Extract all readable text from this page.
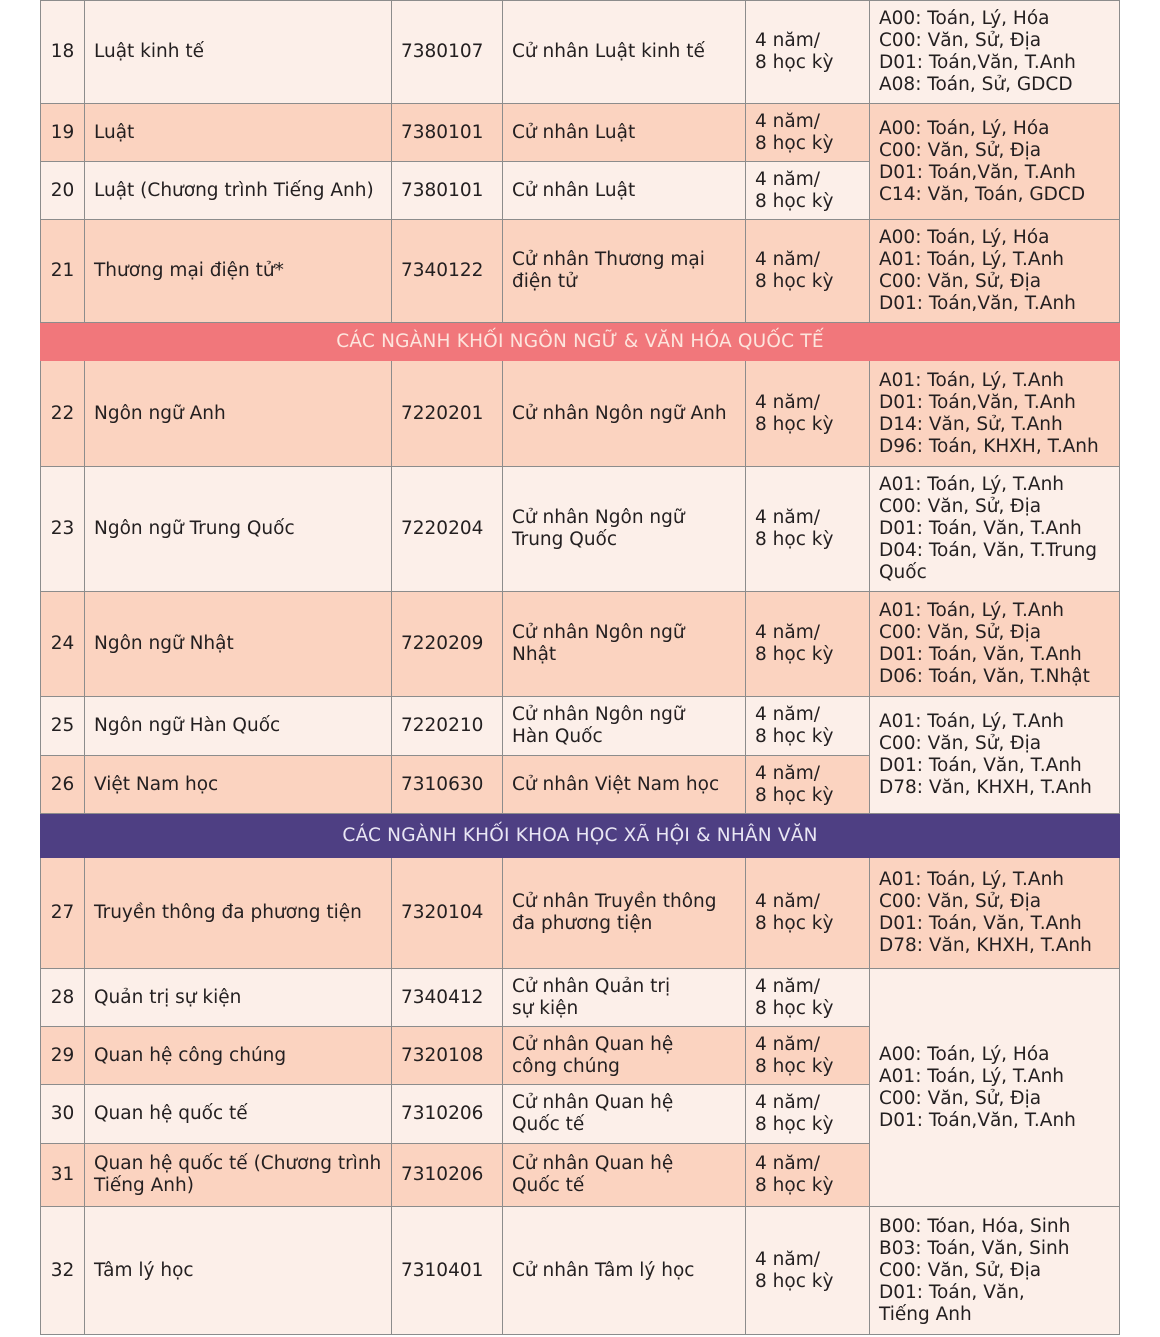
18	Luật kinh tế	7380107	Cử nhân Luật kinh tế	4 năm/
8 học kỳ	A00: Toán, Lý, Hóa
C00: Văn, Sử, Địa
D01: Toán,Văn, T.Anh
A08: Toán, Sử, GDCD

19	Luật	7380101	Cử nhân Luật	4 năm/
8 học kỳ	A00: Toán, Lý, Hóa
C00: Văn, Sử, Địa
D01: Toán,Văn, T.Anh
C14: Văn, Toán, GDCD

20	Luật (Chương trình Tiếng Anh)	7380101	Cử nhân Luật	4 năm/
8 học kỳ	

21	Thương mại điện tử*	7340122	Cử nhân Thương mại
điện tử	4 năm/
8 học kỳ	A00: Toán, Lý, Hóa
A01: Toán, Lý, T.Anh
C00: Văn, Sử, Địa
D01: Toán,Văn, T.Anh

CÁC NGÀNH KHỐI NGÔN NGỮ & VĂN HÓA QUỐC TẾ					
22	Ngôn ngữ Anh	7220201	Cử nhân Ngôn ngữ Anh	4 năm/
8 học kỳ	A01: Toán, Lý, T.Anh
D01: Toán,Văn, T.Anh
D14: Văn, Sử, T.Anh
D96: Toán, KHXH, T.Anh

23	Ngôn ngữ Trung Quốc	7220204	Cử nhân Ngôn ngữ
Trung Quốc	4 năm/
8 học kỳ	A01: Toán, Lý, T.Anh
C00: Văn, Sử, Địa
D01: Toán, Văn, T.Anh
D04: Toán, Văn, T.Trung
Quốc

24	Ngôn ngữ Nhật	7220209	Cử nhân Ngôn ngữ
Nhật	4 năm/
8 học kỳ	A01: Toán, Lý, T.Anh
C00: Văn, Sử, Địa
D01: Toán, Văn, T.Anh
D06: Toán, Văn, T.Nhật

25	Ngôn ngữ Hàn Quốc	7220210	Cử nhân Ngôn ngữ
Hàn Quốc	4 năm/
8 học kỳ	A01: Toán, Lý, T.Anh
C00: Văn, Sử, Địa
D01: Toán, Văn, T.Anh
D78: Văn, KHXH, T.Anh

26	Việt Nam học	7310630	Cử nhân Việt Nam học	4 năm/
8 học kỳ	

CÁC NGÀNH KHỐI KHOA HỌC XÃ HỘI & NHÂN VĂN					
27	Truyền thông đa phương tiện	7320104	Cử nhân Truyền thông
đa phương tiện	4 năm/
8 học kỳ	A01: Toán, Lý, T.Anh
C00: Văn, Sử, Địa
D01: Toán, Văn, T.Anh
D78: Văn, KHXH, T.Anh

28	Quản trị sự kiện	7340412	Cử nhân Quản trị
sự kiện	4 năm/
8 học kỳ	A00: Toán, Lý, Hóa
A01: Toán, Lý, T.Anh
C00: Văn, Sử, Địa
D01: Toán,Văn, T.Anh

29	Quan hệ công chúng	7320108	Cử nhân Quan hệ
công chúng	4 năm/
8 học kỳ	

30	Quan hệ quốc tế	7310206	Cử nhân Quan hệ
Quốc tế	4 năm/
8 học kỳ	

31	Quan hệ quốc tế (Chương trình
Tiếng Anh)	7310206	Cử nhân Quan hệ
Quốc tế	4 năm/
8 học kỳ	

32	Tâm lý học	7310401	Cử nhân Tâm lý học	4 năm/
8 học kỳ	B00: Tóan, Hóa, Sinh
B03: Toán, Văn, Sinh
C00: Văn, Sử, Địa
D01: Toán, Văn,
Tiếng Anh
